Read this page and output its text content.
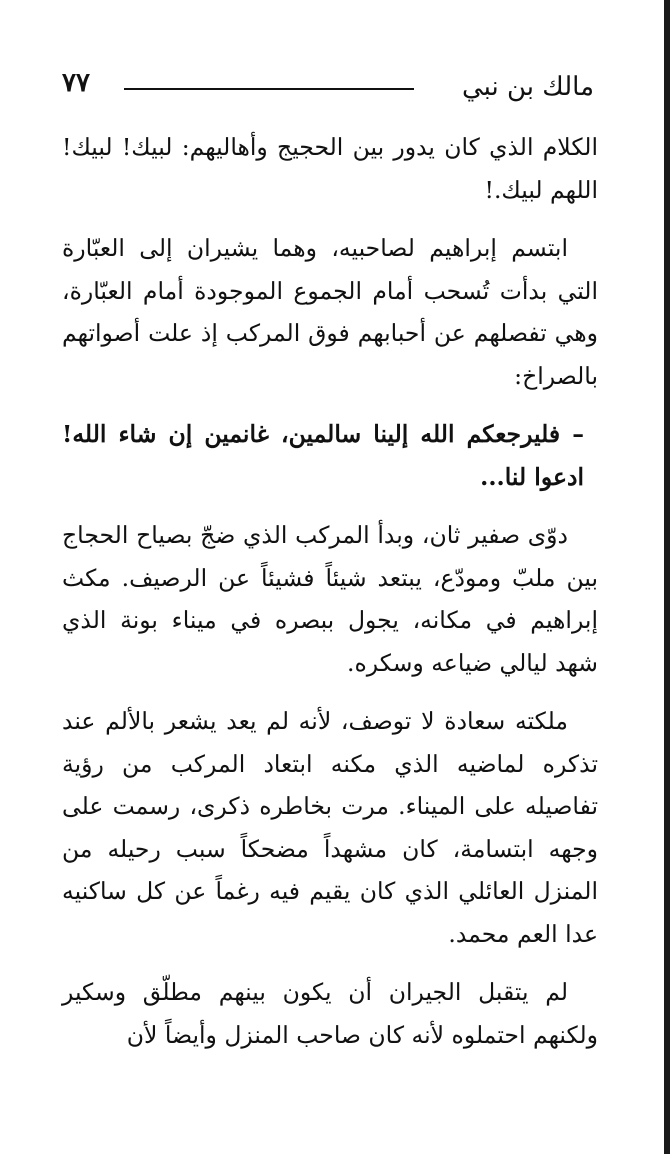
٧٧	مالك بن نبي

الكلام الذي كان يدور بين الحجيج وأهاليهم: لبيك! لبيك! اللهم لبيك.!

ابتسم إبراهيم لصاحبيه، وهما يشيران إلى العبّارة التي بدأت تُسحب أمام الجموع الموجودة أمام العبّارة، وهي تفصلهم عن أحبابهم فوق المركب إذ علت أصواتهم بالصراخ:

– فليرجعكم الله إلينا سالمين، غانمين إن شاء الله! ادعوا لنا...

دوّى صفير ثان، وبدأ المركب الذي ضجّ بصياح الحجاج بين ملبّ ومودّع، يبتعد شيئاً فشيئاً عن الرصيف. مكث إبراهيم في مكانه، يجول ببصره في ميناء بونة الذي شهد ليالي ضياعه وسكره.

ملكته سعادة لا توصف، لأنه لم يعد يشعر بالألم عند تذكره لماضيه الذي مكنه ابتعاد المركب من رؤية تفاصيله على الميناء. مرت بخاطره ذكرى، رسمت على وجهه ابتسامة، كان مشهداً مضحكاً سبب رحيله من المنزل العائلي الذي كان يقيم فيه رغماً عن كل ساكنيه عدا العم محمد.

لم يتقبل الجيران أن يكون بينهم مطلّق وسكير ولكنهم احتملوه لأنه كان صاحب المنزل وأيضاً لأن
